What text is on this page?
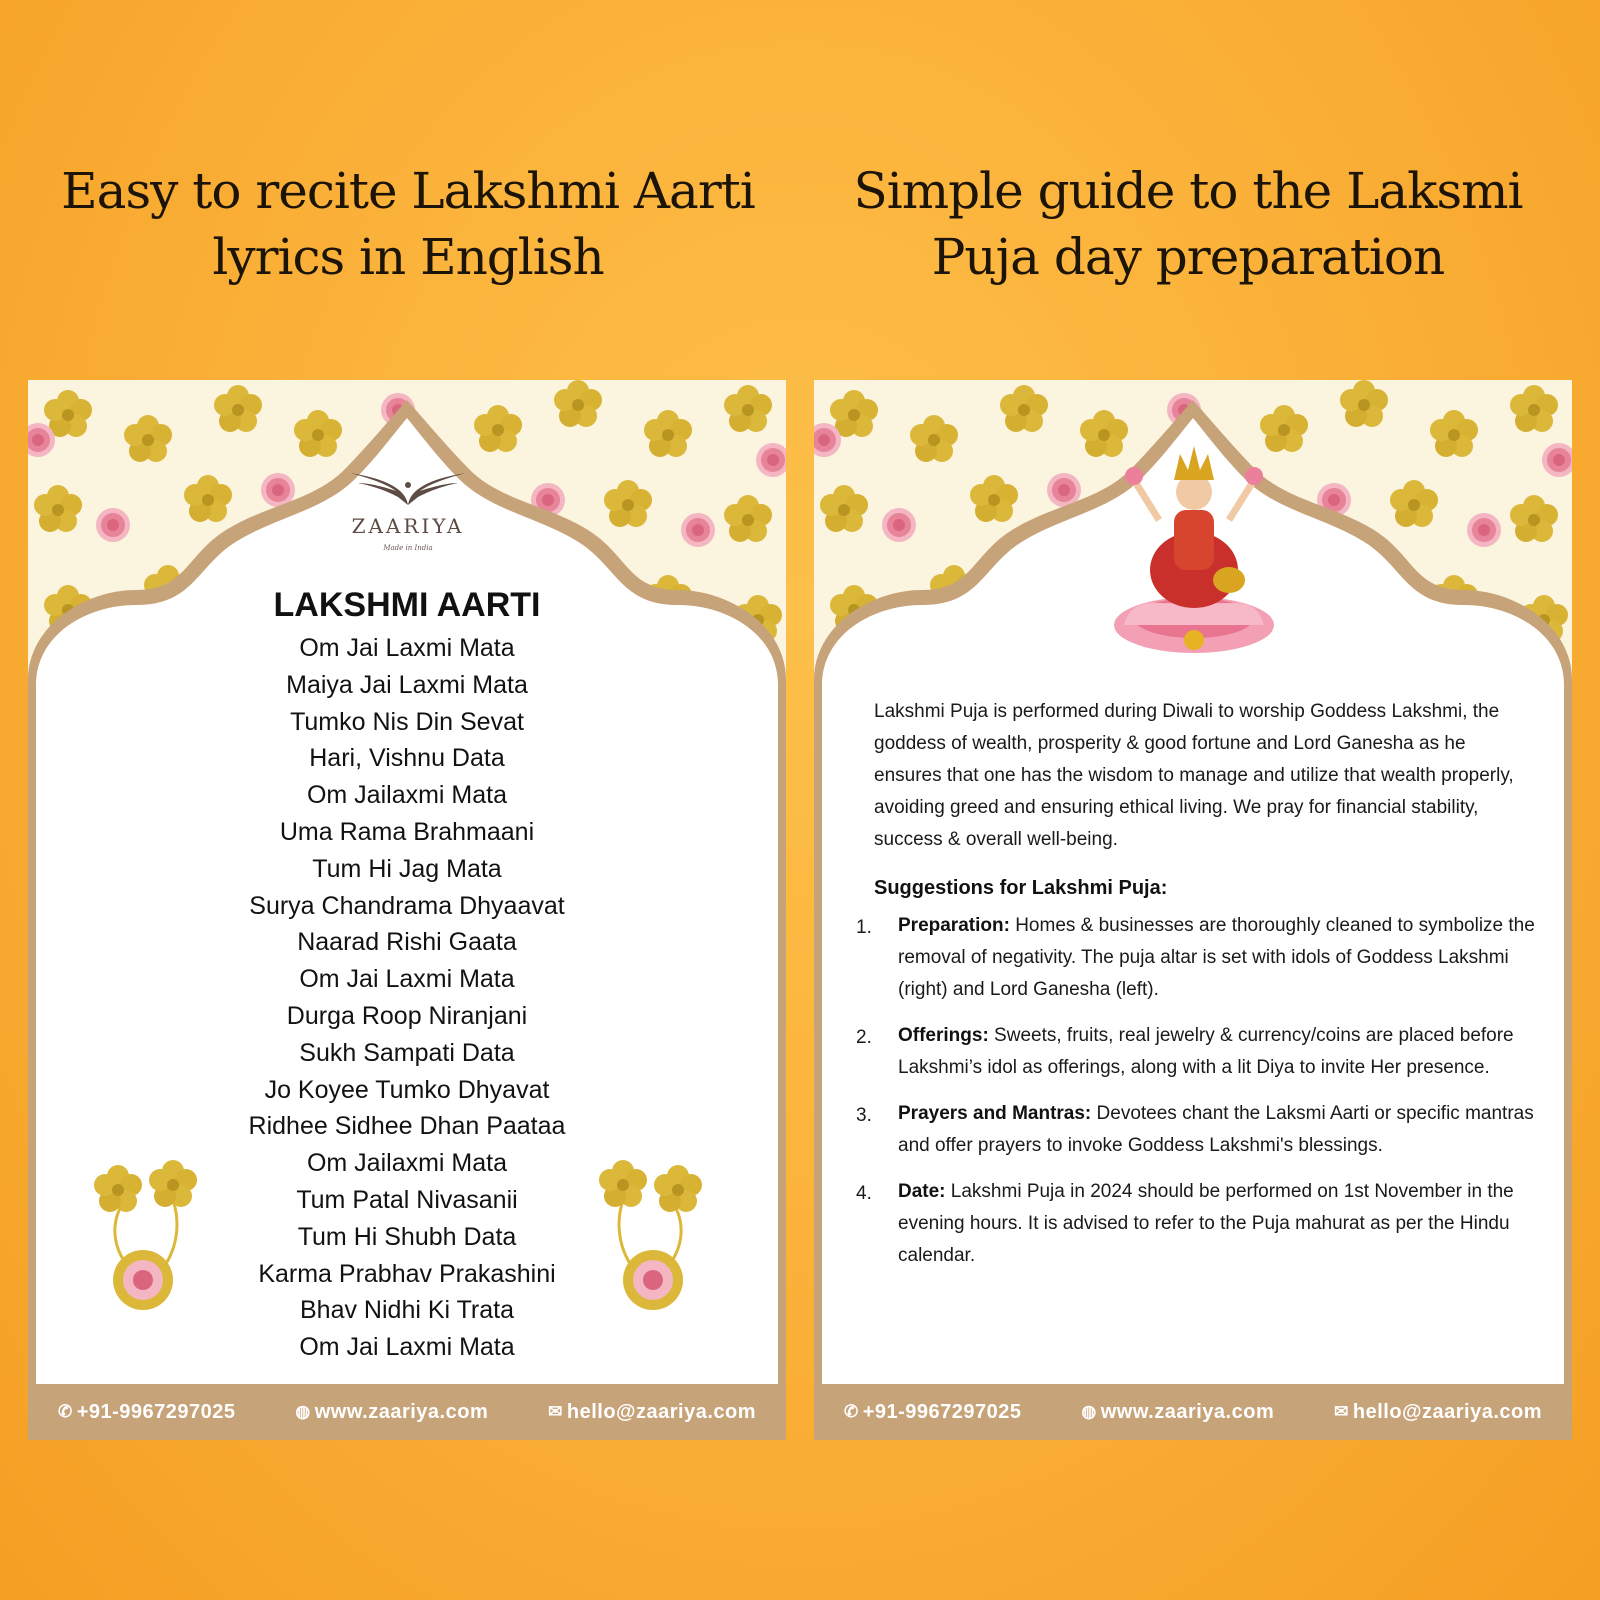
Easy to recite Lakshmi Aarti
lyrics in English
Simple guide to the Laksmi
Puja day preparation
ZAARIYA
Made in India
LAKSHMI AARTI
Om Jai Laxmi Mata
Maiya Jai Laxmi Mata
Tumko Nis Din Sevat
Hari, Vishnu Data
Om Jailaxmi Mata
Uma Rama Brahmaani
Tum Hi Jag Mata
Surya Chandrama Dhyaavat
Naarad Rishi Gaata
Om Jai Laxmi Mata
Durga Roop Niranjani
Sukh Sampati Data
Jo Koyee Tumko Dhyavat
Ridhee Sidhee Dhan Paataa
Om Jailaxmi Mata
Tum Patal Nivasanii
Tum Hi Shubh Data
Karma Prabhav Prakashini
Bhav Nidhi Ki Trata
Om Jai Laxmi Mata
✆ +91-9967297025	◍ www.zaariya.com	✉ hello@zaariya.com

Lakshmi Puja is performed during Diwali to worship Goddess Lakshmi, the goddess of wealth, prosperity & good fortune and Lord Ganesha as he ensures that one has the wisdom to manage and utilize that wealth properly, avoiding greed and ensuring ethical living. We pray for financial stability, success & overall well-being.

Suggestions for Lakshmi Puja:
1. Preparation: Homes & businesses are thoroughly cleaned to symbolize the removal of negativity. The puja altar is set with idols of Goddess Lakshmi (right) and Lord Ganesha (left).
2. Offerings: Sweets, fruits, real jewelry & currency/coins are placed before Lakshmi’s idol as offerings, along with a lit Diya to invite Her presence.
3. Prayers and Mantras: Devotees chant the Laksmi Aarti or specific mantras and offer prayers to invoke Goddess Lakshmi's blessings.
4. Date: Lakshmi Puja in 2024 should be performed on 1st November in the evening hours. It is advised to refer to the Puja mahurat as per the Hindu calendar.
✆ +91-9967297025	◍ www.zaariya.com	✉ hello@zaariya.com
